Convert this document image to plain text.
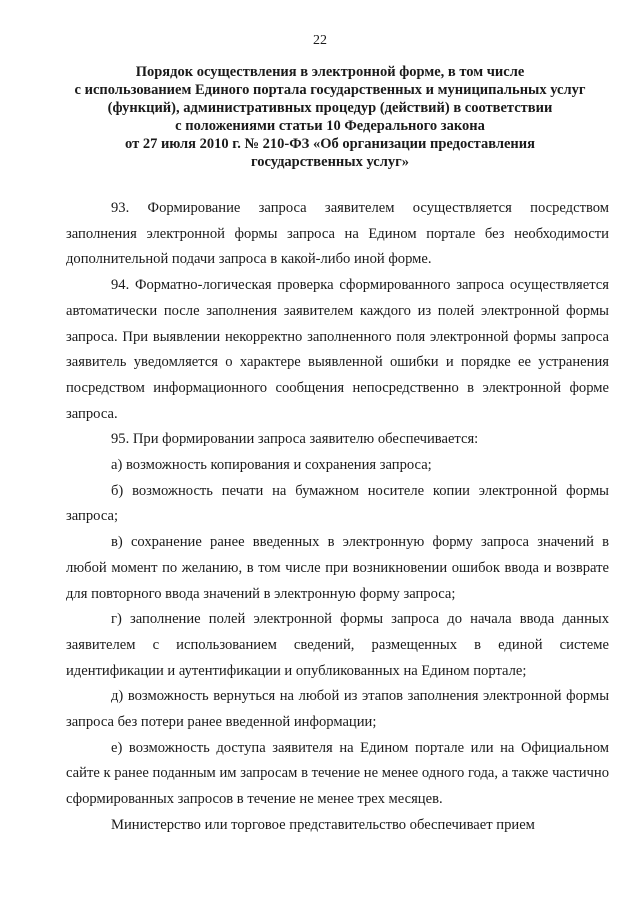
22
Порядок осуществления в электронной форме, в том числе
с использованием Единого портала государственных и муниципальных услуг
(функций), административных процедур (действий) в соответствии
с положениями статьи 10 Федерального закона
от 27 июля 2010 г. № 210-ФЗ «Об организации предоставления
государственных услуг»

93. Формирование запроса заявителем осуществляется посредством заполнения электронной формы запроса на Едином портале без необходимости дополнительной подачи запроса в какой-либо иной форме.

94. Форматно-логическая проверка сформированного запроса осуществляется автоматически после заполнения заявителем каждого из полей электронной формы запроса. При выявлении некорректно заполненного поля электронной формы запроса заявитель уведомляется о характере выявленной ошибки и порядке ее устранения посредством информационного сообщения непосредственно в электронной форме запроса.

95. При формировании запроса заявителю обеспечивается:

а) возможность копирования и сохранения запроса;

б) возможность печати на бумажном носителе копии электронной формы запроса;

в) сохранение ранее введенных в электронную форму запроса значений в любой момент по желанию, в том числе при возникновении ошибок ввода и возврате для повторного ввода значений в электронную форму запроса;

г) заполнение полей электронной формы запроса до начала ввода данных заявителем с использованием сведений, размещенных в единой системе идентификации и аутентификации и опубликованных на Едином портале;

д) возможность вернуться на любой из этапов заполнения электронной формы запроса без потери ранее введенной информации;

е) возможность доступа заявителя на Едином портале или на Официальном сайте к ранее поданным им запросам в течение не менее одного года, а также частично сформированных запросов в течение не менее трех месяцев.

Министерство или торговое представительство обеспечивает прием
